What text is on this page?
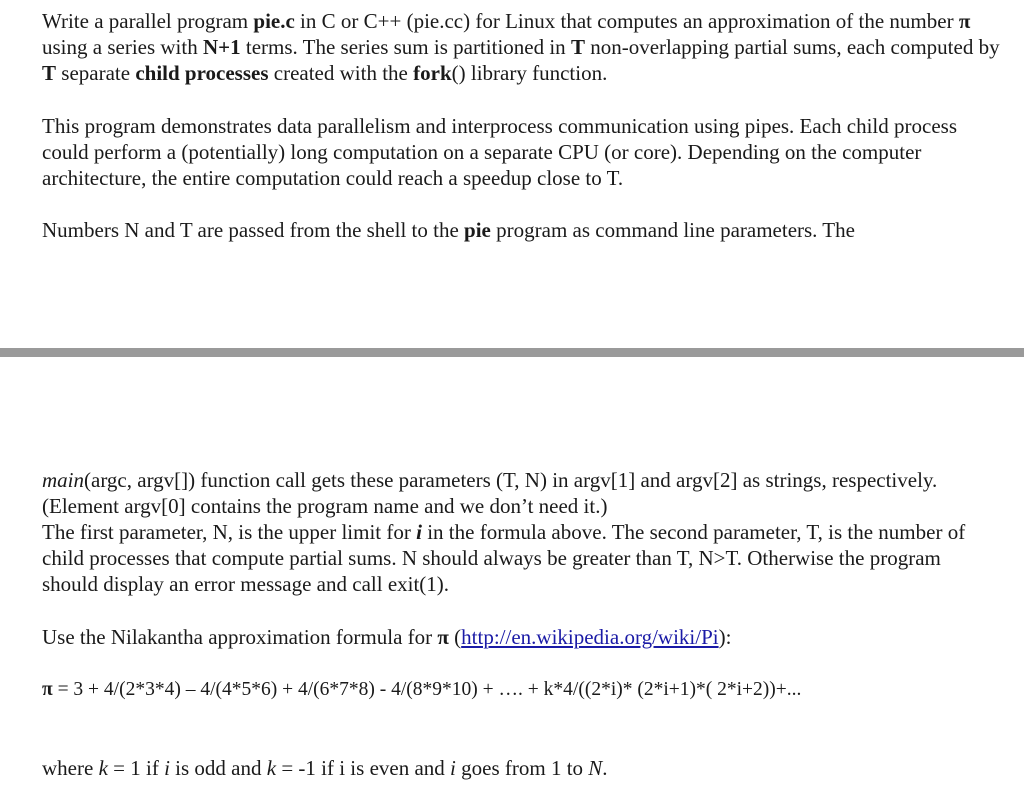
Write a parallel program pie.c in C or C++ (pie.cc) for Linux that computes an approximation of the number π using a series with N+1 terms. The series sum is partitioned in T non-overlapping partial sums, each computed by T separate child processes created with the fork() library function.

This program demonstrates data parallelism and interprocess communication using pipes. Each child process could perform a (potentially) long computation on a separate CPU (or core). Depending on the computer architecture, the entire computation could reach a speedup close to T.

Numbers N and T are passed from the shell to the pie program as command line parameters. The

main(argc, argv[]) function call gets these parameters (T, N) in argv[1] and argv[2] as strings, respectively. (Element argv[0] contains the program name and we don’t need it.)
The first parameter, N, is the upper limit for i in the formula above. The second parameter, T, is the number of child processes that compute partial sums. N should always be greater than T, N>T. Otherwise the program should display an error message and call exit(1).

Use the Nilakantha approximation formula for π (http://en.wikipedia.org/wiki/Pi):

π = 3 + 4/(2*3*4) – 4/(4*5*6) + 4/(6*7*8) - 4/(8*9*10) + …. + k*4/((2*i)* (2*i+1)*( 2*i+2))+...

where k = 1 if i is odd and k = -1 if i is even and i goes from 1 to N.
